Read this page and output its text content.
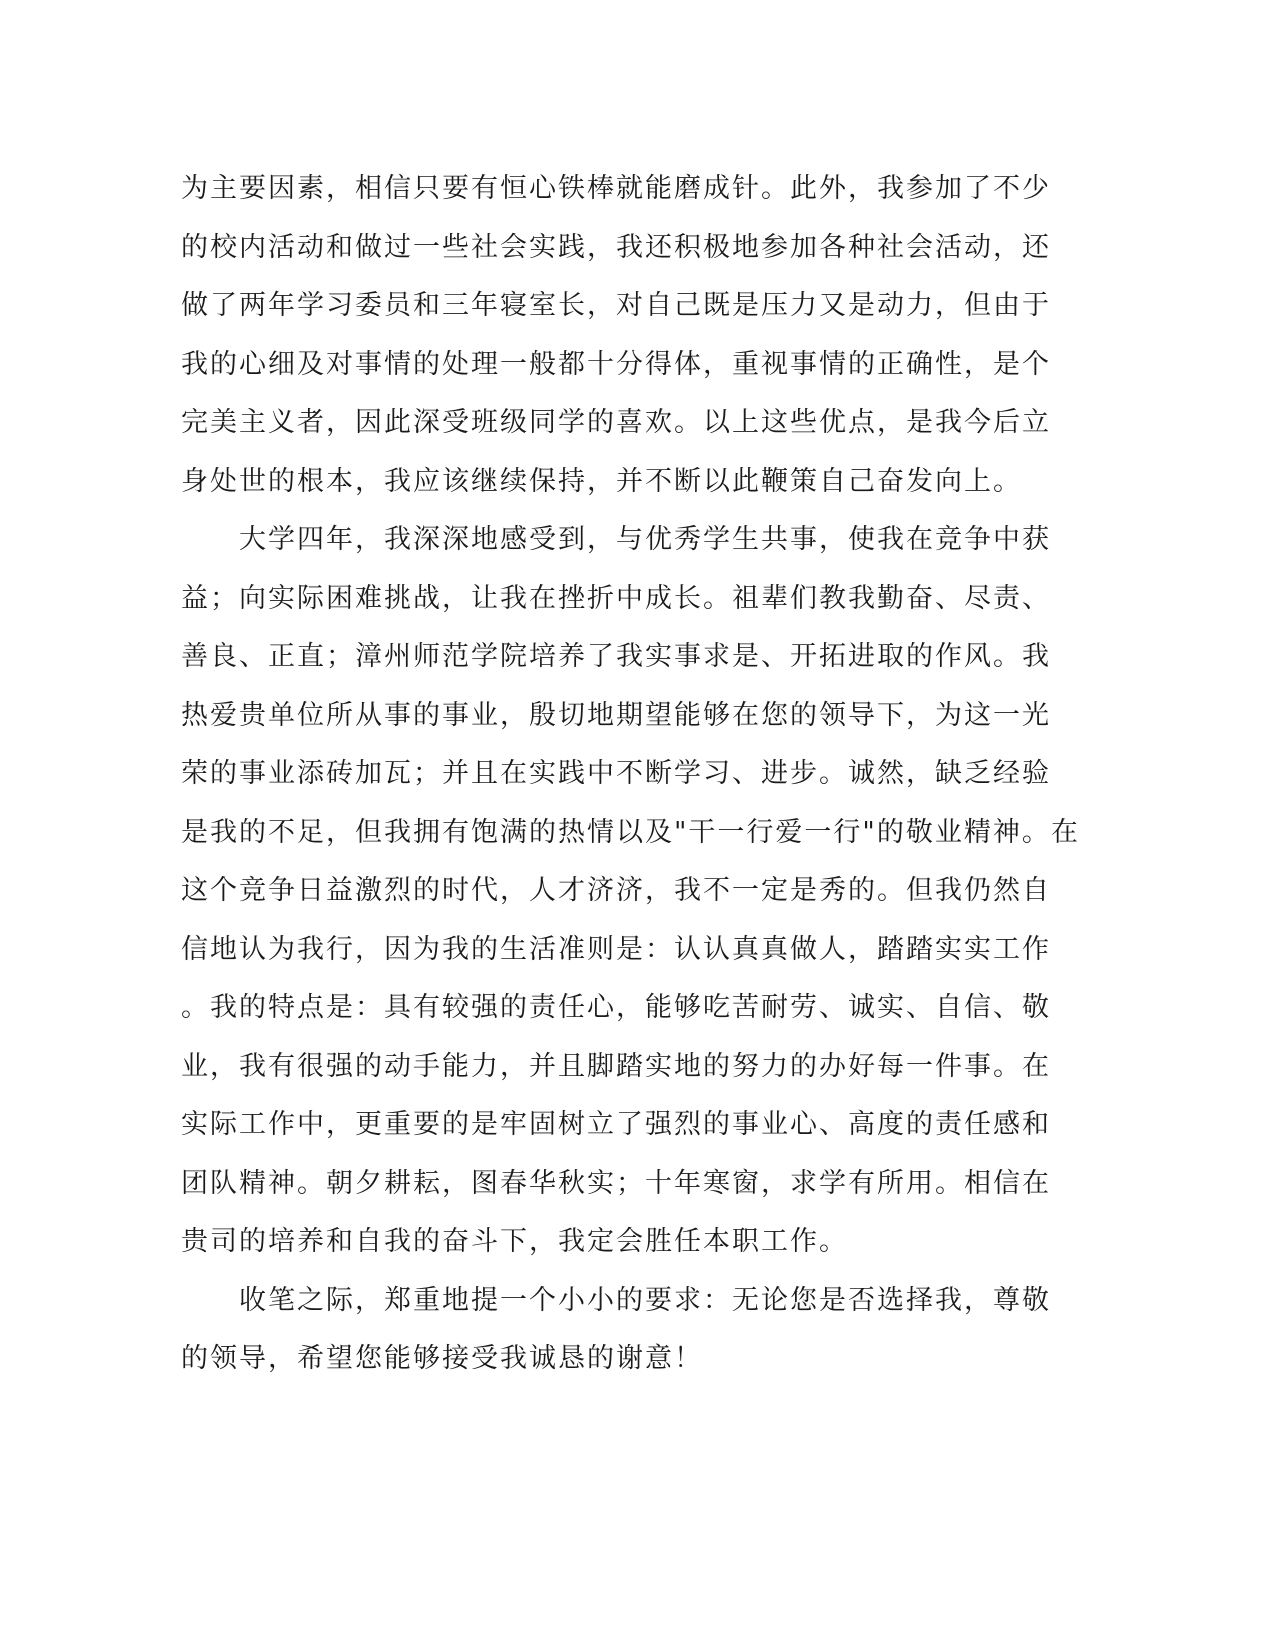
为主要因素，相信只要有恒心铁棒就能磨成针。此外，我参加了不少
的校内活动和做过一些社会实践，我还积极地参加各种社会活动，还
做了两年学习委员和三年寝室长，对自己既是压力又是动力，但由于
我的心细及对事情的处理一般都十分得体，重视事情的正确性，是个
完美主义者，因此深受班级同学的喜欢。以上这些优点，是我今后立
身处世的根本，我应该继续保持，并不断以此鞭策自己奋发向上。
　　大学四年，我深深地感受到，与优秀学生共事，使我在竞争中获
益；向实际困难挑战，让我在挫折中成长。祖辈们教我勤奋、尽责、
善良、正直；漳州师范学院培养了我实事求是、开拓进取的作风。我
热爱贵单位所从事的事业，殷切地期望能够在您的领导下，为这一光
荣的事业添砖加瓦；并且在实践中不断学习、进步。诚然，缺乏经验
是我的不足，但我拥有饱满的热情以及"干一行爱一行"的敬业精神。在
这个竞争日益激烈的时代，人才济济，我不一定是秀的。但我仍然自
信地认为我行，因为我的生活准则是：认认真真做人，踏踏实实工作
。我的特点是：具有较强的责任心，能够吃苦耐劳、诚实、自信、敬
业，我有很强的动手能力，并且脚踏实地的努力的办好每一件事。在
实际工作中，更重要的是牢固树立了强烈的事业心、高度的责任感和
团队精神。朝夕耕耘，图春华秋实；十年寒窗，求学有所用。相信在
贵司的培养和自我的奋斗下，我定会胜任本职工作。
　　收笔之际，郑重地提一个小小的要求：无论您是否选择我，尊敬
的领导，希望您能够接受我诚恳的谢意！
